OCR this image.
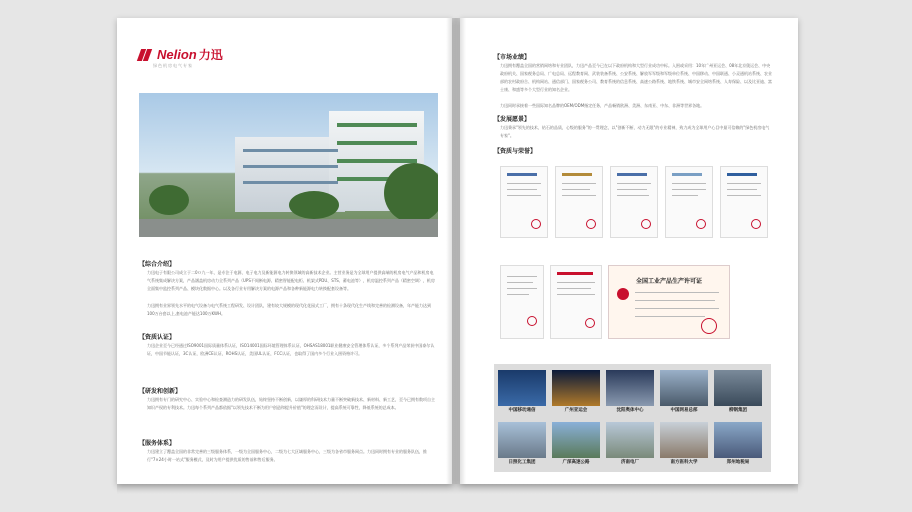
Nelion 力迅
绿色机房电气专家
【综合介绍】
力迅电子有限公司成立于二0０九一年，是专注于电源、电子电力及新能源电力转换领域的高新技术企业。主营业务是为全球用户提供高端的机房电气产品和机房电气系统集成解决方案，产品涵盖机房动力全系列产品（UPS不间断电源、精密智能配电柜、机架式PDU、STS、蓄电池等），机房温控系列产品（精密空调），机房全面集中监控系列产品、模块化数据中心。以及各行业专用解决方案的电源产品和各种新能源电力转换配套设备等。
力迅拥有业界领先水平的电气设备与电气系统工程研发、设计团队，建有较大规模的现代化花园式工厂，拥有十条现代化生产线和完善的检测设备，年产能力达到100万台套以上,套电池产能达100万KWH。
【资质认证】
力迅企业至今已经通过ISO9001国际质量体系认证，ISO14001国际环境管理体系认证，OHSAS18001职业健康安全管理体系认证，多个系列产品荣获中国泰尔认证，中国节能认证，3C认证，欧洲CE认证，ROHS认证，美国UL认证，FCC认证，也取得了国内多个行业入围资格许可。
【研发和创新】
力迅拥有专门的研究中心、实验中心和检查测造力的研发队伍，始终坚持不断创新，以谦厚的科研技术力量不断突破新技术、新材料、新工艺，至今已拥有数项自主知识产权的专利技术。力迅每个系列产品都依据"以领先技术不断为用户创造和提升价值"的理念而设计，提高系统可靠性，降低系统的总成本。
【服务体系】
力迅建立了覆盖全国的非常完善的三级服务体系，一级为全国服务中心，二级为七大区域服务中心，三级为各省市服务网点。力迅同时拥有专业的服务队伍，推行"7×24小时一站式"服务模式，及时为用户提供优质的售前和售后服务。
【市场业绩】
力迅拥有覆盖全国的营销网络和专业团队，力迅产品至今已在以下政府机构和大型行业成功中标。入围或采用：10年广州亚运会、08年北京奥运会、中央政府机关、国家税务总局、广电总局、远程教育网、武装装备系统、公安系统、解放军军级和军级单位系统、中国移动、中国联通、小灵通机站系统、农业部的农村政府合、机构网站、通信部门、国家税务公司、教育系统的信息系统、高速公路系统、地铁系统、城市安全网络系统、人寿保险、以及比亚迪、富士康、和盛等多个大型行业的知名企业。
力迅同时承接着一些国际知名品牌的OEM/ODM指定任务，产品畅销欧洲、美洲、东南亚、中东、非洲等世界各地。
【发展愿景】
力迅秉承"领先的技术，钻石的品质，心级的服务"的一贯理念，以"创新不断，动力无限"的专业精神，致力成为全球用户心目中最可信赖的"绿色机房电气专家"。
【资质与荣誉】
全国工业产品生产许可证
中国移动通信	广州亚运会	沈阳奥体中心	中国网易总部	柳钢集团
日照化工集团	广深高速公路	济南电厂	南方医科大学	郑州地税局
